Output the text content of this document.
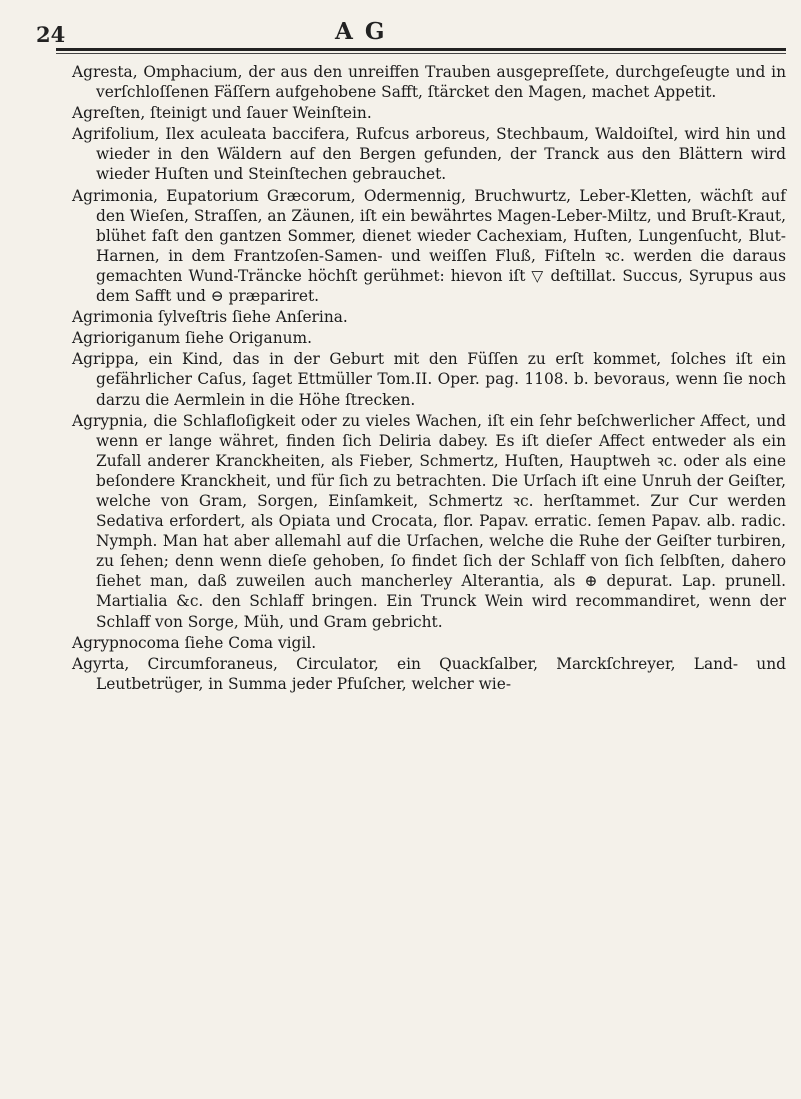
24	A G

Agresta, Omphacium, der aus den unreiffen Trauben ausgepreſſete, durchgeſeugte und in verſchloſſenen Fäſſern aufgehobene Safft, ſtärcket den Magen, machet Appetit.

Agreſten, ſteinigt und ſauer Weinſtein.

Agrifolium, Ilex aculeata baccifera, Rufcus arboreus, Stechbaum, Waldoiſtel, wird hin und wieder in den Wäldern auf den Bergen gefunden, der Tranck aus den Blättern wird wieder Huſten und Steinſtechen gebrauchet.

Agrimonia, Eupatorium Græcorum, Odermennig, Bruchwurtz, Leber-Kletten, wächſt auf den Wieſen, Straſſen, an Zäunen, iſt ein bewährtes Magen-Leber-Miltz, und Bruſt-Kraut, blühet faſt den gantzen Sommer, dienet wieder Cachexiam, Huſten, Lungenſucht, Blut-Harnen, in dem Frantzoſen-Samen- und weiſſen Fluß, Fiſteln ꝛc. werden die daraus gemachten Wund-Träncke höchſt gerühmet: hievon iſt ▽ deſtillat. Succus, Syrupus aus dem Safft und ⊖ præpariret.

Agrimonia ſylveſtris ſiehe Anſerina.

Agrioriganum ſiehe Origanum.

Agrippa, ein Kind, das in der Geburt mit den Füſſen zu erſt kommet, ſolches iſt ein gefährlicher Caſus, ſaget Ettmüller Tom.II. Oper. pag. 1108. b. bevoraus, wenn ſie noch darzu die Aermlein in die Höhe ſtrecken.

Agrypnia, die Schlafloſigkeit oder zu vieles Wachen, iſt ein ſehr beſchwerlicher Affect, und wenn er lange währet, finden ſich Deliria dabey. Es iſt dieſer Affect entweder als ein Zufall anderer Kranckheiten, als Fieber, Schmertz, Huſten, Hauptweh ꝛc. oder als eine beſondere Kranckheit, und für ſich zu betrachten. Die Urſach iſt eine Unruh der Geiſter, welche von Gram, Sorgen, Einſamkeit, Schmertz ꝛc. herſtammet. Zur Cur werden Sedativa erfordert, als Opiata und Crocata, flor. Papav. erratic. ſemen Papav. alb. radic. Nymph. Man hat aber allemahl auf die Urſachen, welche die Ruhe der Geiſter turbiren, zu ſehen; denn wenn dieſe gehoben, ſo findet ſich der Schlaff von ſich ſelbſten, dahero ſiehet man, daß zuweilen auch mancherley Alterantia, als ⊕ depurat. Lap. prunell. Martialia &c. den Schlaff bringen. Ein Trunck Wein wird recommandiret, wenn der Schlaff von Sorge, Müh, und Gram gebricht.

Agrypnocoma ſiehe Coma vigil.

Agyrta, Circumforaneus, Circulator, ein Quackſalber, Marckſchreyer, Land- und Leutbetrüger, in Summa jeder Pfuſcher, welcher wie-
